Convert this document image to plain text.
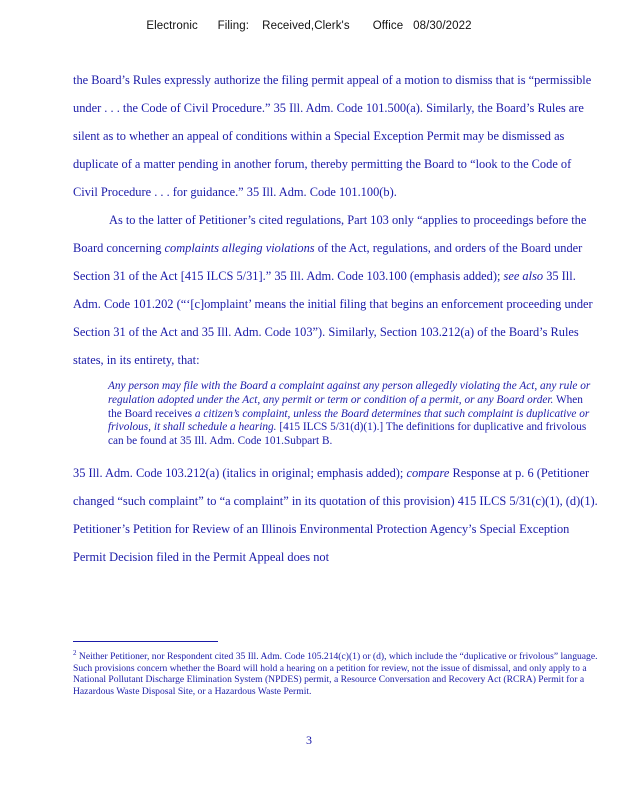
Electronic      Filing:    Received,Clerk's       Office   08/30/2022

the Board’s Rules expressly authorize the filing permit appeal of a motion to dismiss that is “permissible under . . . the Code of Civil Procedure.” 35 Ill. Adm. Code 101.500(a). Similarly, the Board’s Rules are silent as to whether an appeal of conditions within a Special Exception Permit may be dismissed as duplicate of a matter pending in another forum, thereby permitting the Board to “look to the Code of Civil Procedure . . . for guidance.” 35 Ill. Adm. Code 101.100(b).

As to the latter of Petitioner’s cited regulations, Part 103 only “applies to proceedings before the Board concerning complaints alleging violations of the Act, regulations, and orders of the Board under Section 31 of the Act [415 ILCS 5/31].” 35 Ill. Adm. Code 103.100 (emphasis added); see also 35 Ill. Adm. Code 101.202 (“‘[c]omplaint’ means the initial filing that begins an enforcement proceeding under Section 31 of the Act and 35 Ill. Adm. Code 103”). Similarly, Section 103.212(a) of the Board’s Rules states, in its entirety, that:

Any person may file with the Board a complaint against any person allegedly violating the Act, any rule or regulation adopted under the Act, any permit or term or condition of a permit, or any Board order. When the Board receives a citizen’s complaint, unless the Board determines that such complaint is duplicative or frivolous, it shall schedule a hearing. [415 ILCS 5/31(d)(1).] The definitions for duplicative and frivolous can be found at 35 Ill. Adm. Code 101.Subpart B.

35 Ill. Adm. Code 103.212(a) (italics in original; emphasis added); compare Response at p. 6 (Petitioner changed “such complaint” to “a complaint” in its quotation of this provision) 415 ILCS 5/31(c)(1), (d)(1). Petitioner’s Petition for Review of an Illinois Environmental Protection Agency’s Special Exception Permit Decision filed in the Permit Appeal does not

$^2$ Neither Petitioner, nor Respondent cited 35 Ill. Adm. Code 105.214(c)(1) or (d), which include the “duplicative or frivolous” language. Such provisions concern whether the Board will hold a hearing on a petition for review, not the issue of dismissal, and only apply to a National Pollutant Discharge Elimination System (NPDES) permit, a Resource Conversation and Recovery Act (RCRA) Permit for a Hazardous Waste Disposal Site, or a Hazardous Waste Permit.
3
